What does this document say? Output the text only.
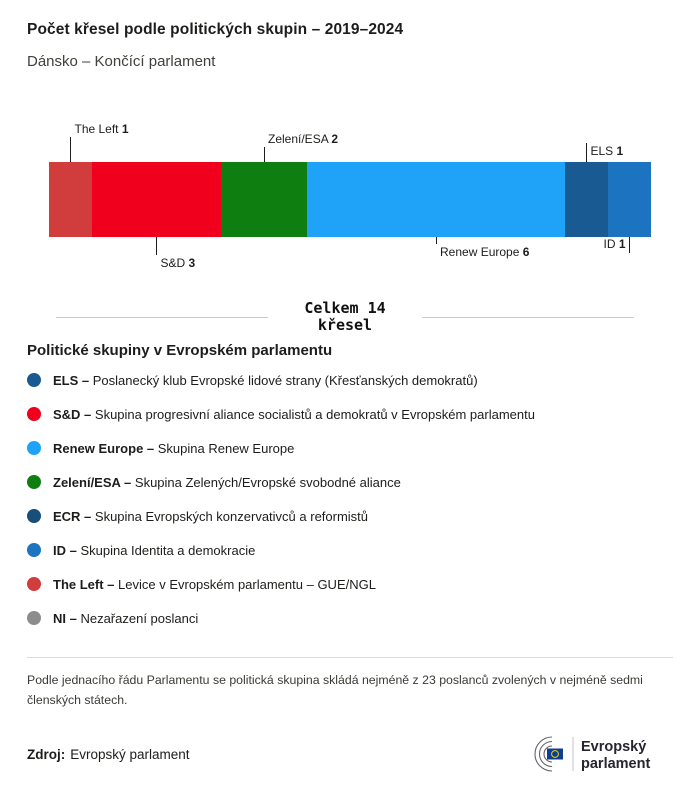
Počet křesel podle politických skupin – 2019–2024
Dánsko – Končící parlament
The Left 1
S&D 3
Zelení/ESA 2
Renew Europe 6
ELS 1
ID 1
Celkem 14
křesel
Politické skupiny v Evropském parlamentu
ELS – Poslanecký klub Evropské lidové strany (Křesťanských demokratů)
S&D – Skupina progresivní aliance socialistů a demokratů v Evropském parlamentu
Renew Europe – Skupina Renew Europe
Zelení/ESA – Skupina Zelených/Evropské svobodné aliance
ECR – Skupina Evropských konzervativců a reformistů
ID – Skupina Identita a demokracie
The Left – Levice v Evropském parlamentu – GUE/NGL
NI – Nezařazení poslanci

Podle jednacího řádu Parlamentu se politická skupina skládá nejméně z 23 poslanců zvolených v nejméně sedmi členských státech.

Zdroj: Evropský parlament	Evropský
parlament
